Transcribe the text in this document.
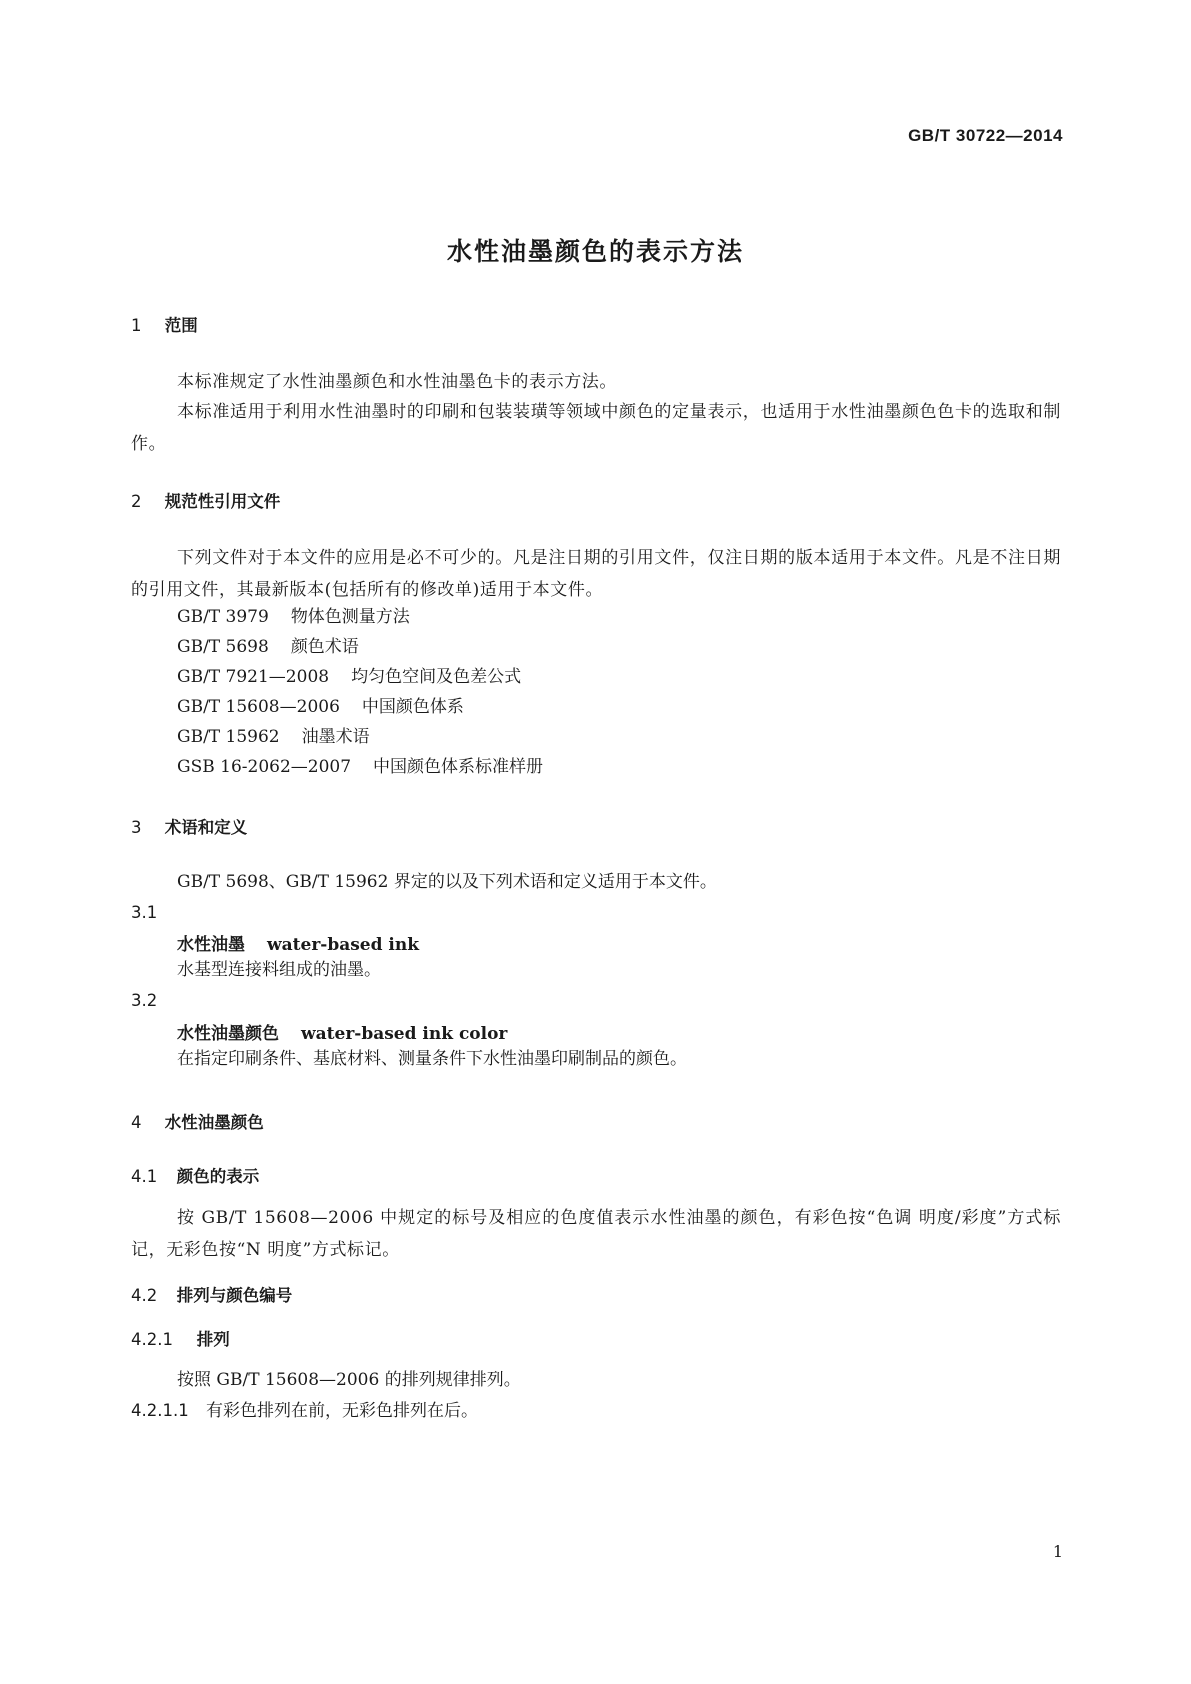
GB/T 30722—2014
水性油墨颜色的表示方法
1 范围
本标准规定了水性油墨颜色和水性油墨色卡的表示方法。
本标准适用于利用水性油墨时的印刷和包装装璜等领域中颜色的定量表示，也适用于水性油墨颜色色卡的选取和制作。
2 规范性引用文件
下列文件对于本文件的应用是必不可少的。凡是注日期的引用文件，仅注日期的版本适用于本文件。凡是不注日期的引用文件，其最新版本(包括所有的修改单)适用于本文件。
GB/T 3979 物体色测量方法
GB/T 5698 颜色术语
GB/T 7921—2008 均匀色空间及色差公式
GB/T 15608—2006 中国颜色体系
GB/T 15962 油墨术语
GSB 16-2062—2007 中国颜色体系标准样册
3 术语和定义
GB/T 5698、GB/T 15962 界定的以及下列术语和定义适用于本文件。
3.1
水性油墨 water-based ink
水基型连接料组成的油墨。
3.2
水性油墨颜色 water-based ink color
在指定印刷条件、基底材料、测量条件下水性油墨印刷制品的颜色。
4 水性油墨颜色
4.1 颜色的表示
按 GB/T 15608—2006 中规定的标号及相应的色度值表示水性油墨的颜色，有彩色按“色调 明度/彩度”方式标记，无彩色按“N 明度”方式标记。
4.2 排列与颜色编号
4.2.1 排列
按照 GB/T 15608—2006 的排列规律排列。
4.2.1.1 有彩色排列在前，无彩色排列在后。
1
